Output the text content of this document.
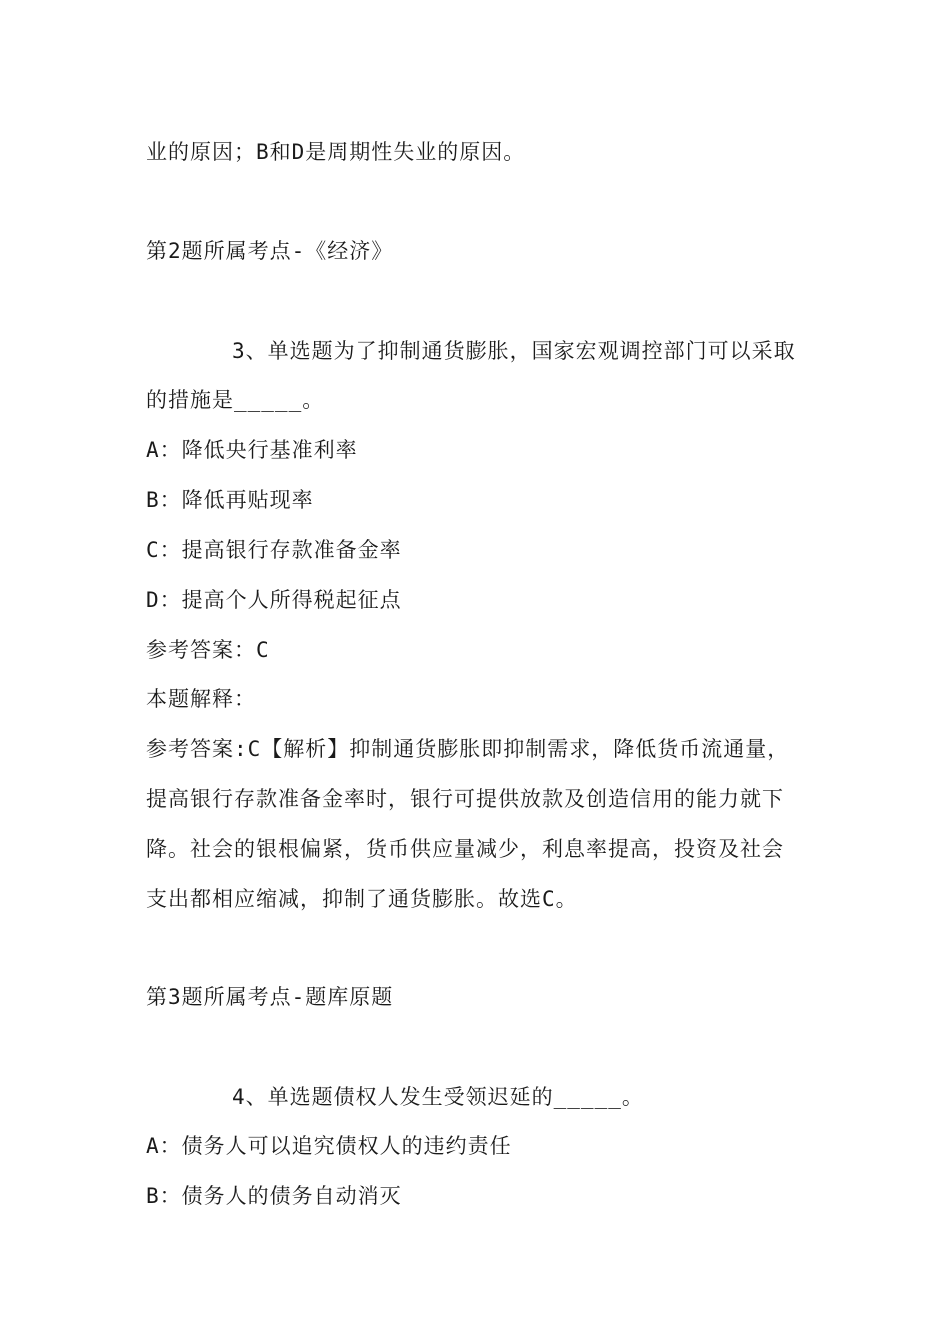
业的原因；B和D是周期性失业的原因。
第2题所属考点-《经济》
3、单选题为了抑制通货膨胀，国家宏观调控部门可以采取
的措施是_____。
A：降低央行基准利率
B：降低再贴现率
C：提高银行存款准备金率
D：提高个人所得税起征点
参考答案：C
本题解释：
参考答案:C【解析】抑制通货膨胀即抑制需求，降低货币流通量，
提高银行存款准备金率时，银行可提供放款及创造信用的能力就下
降。社会的银根偏紧，货币供应量减少，利息率提高，投资及社会
支出都相应缩减，抑制了通货膨胀。故选C。
第3题所属考点-题库原题
4、单选题债权人发生受领迟延的_____。
A：债务人可以追究债权人的违约责任
B：债务人的债务自动消灭
